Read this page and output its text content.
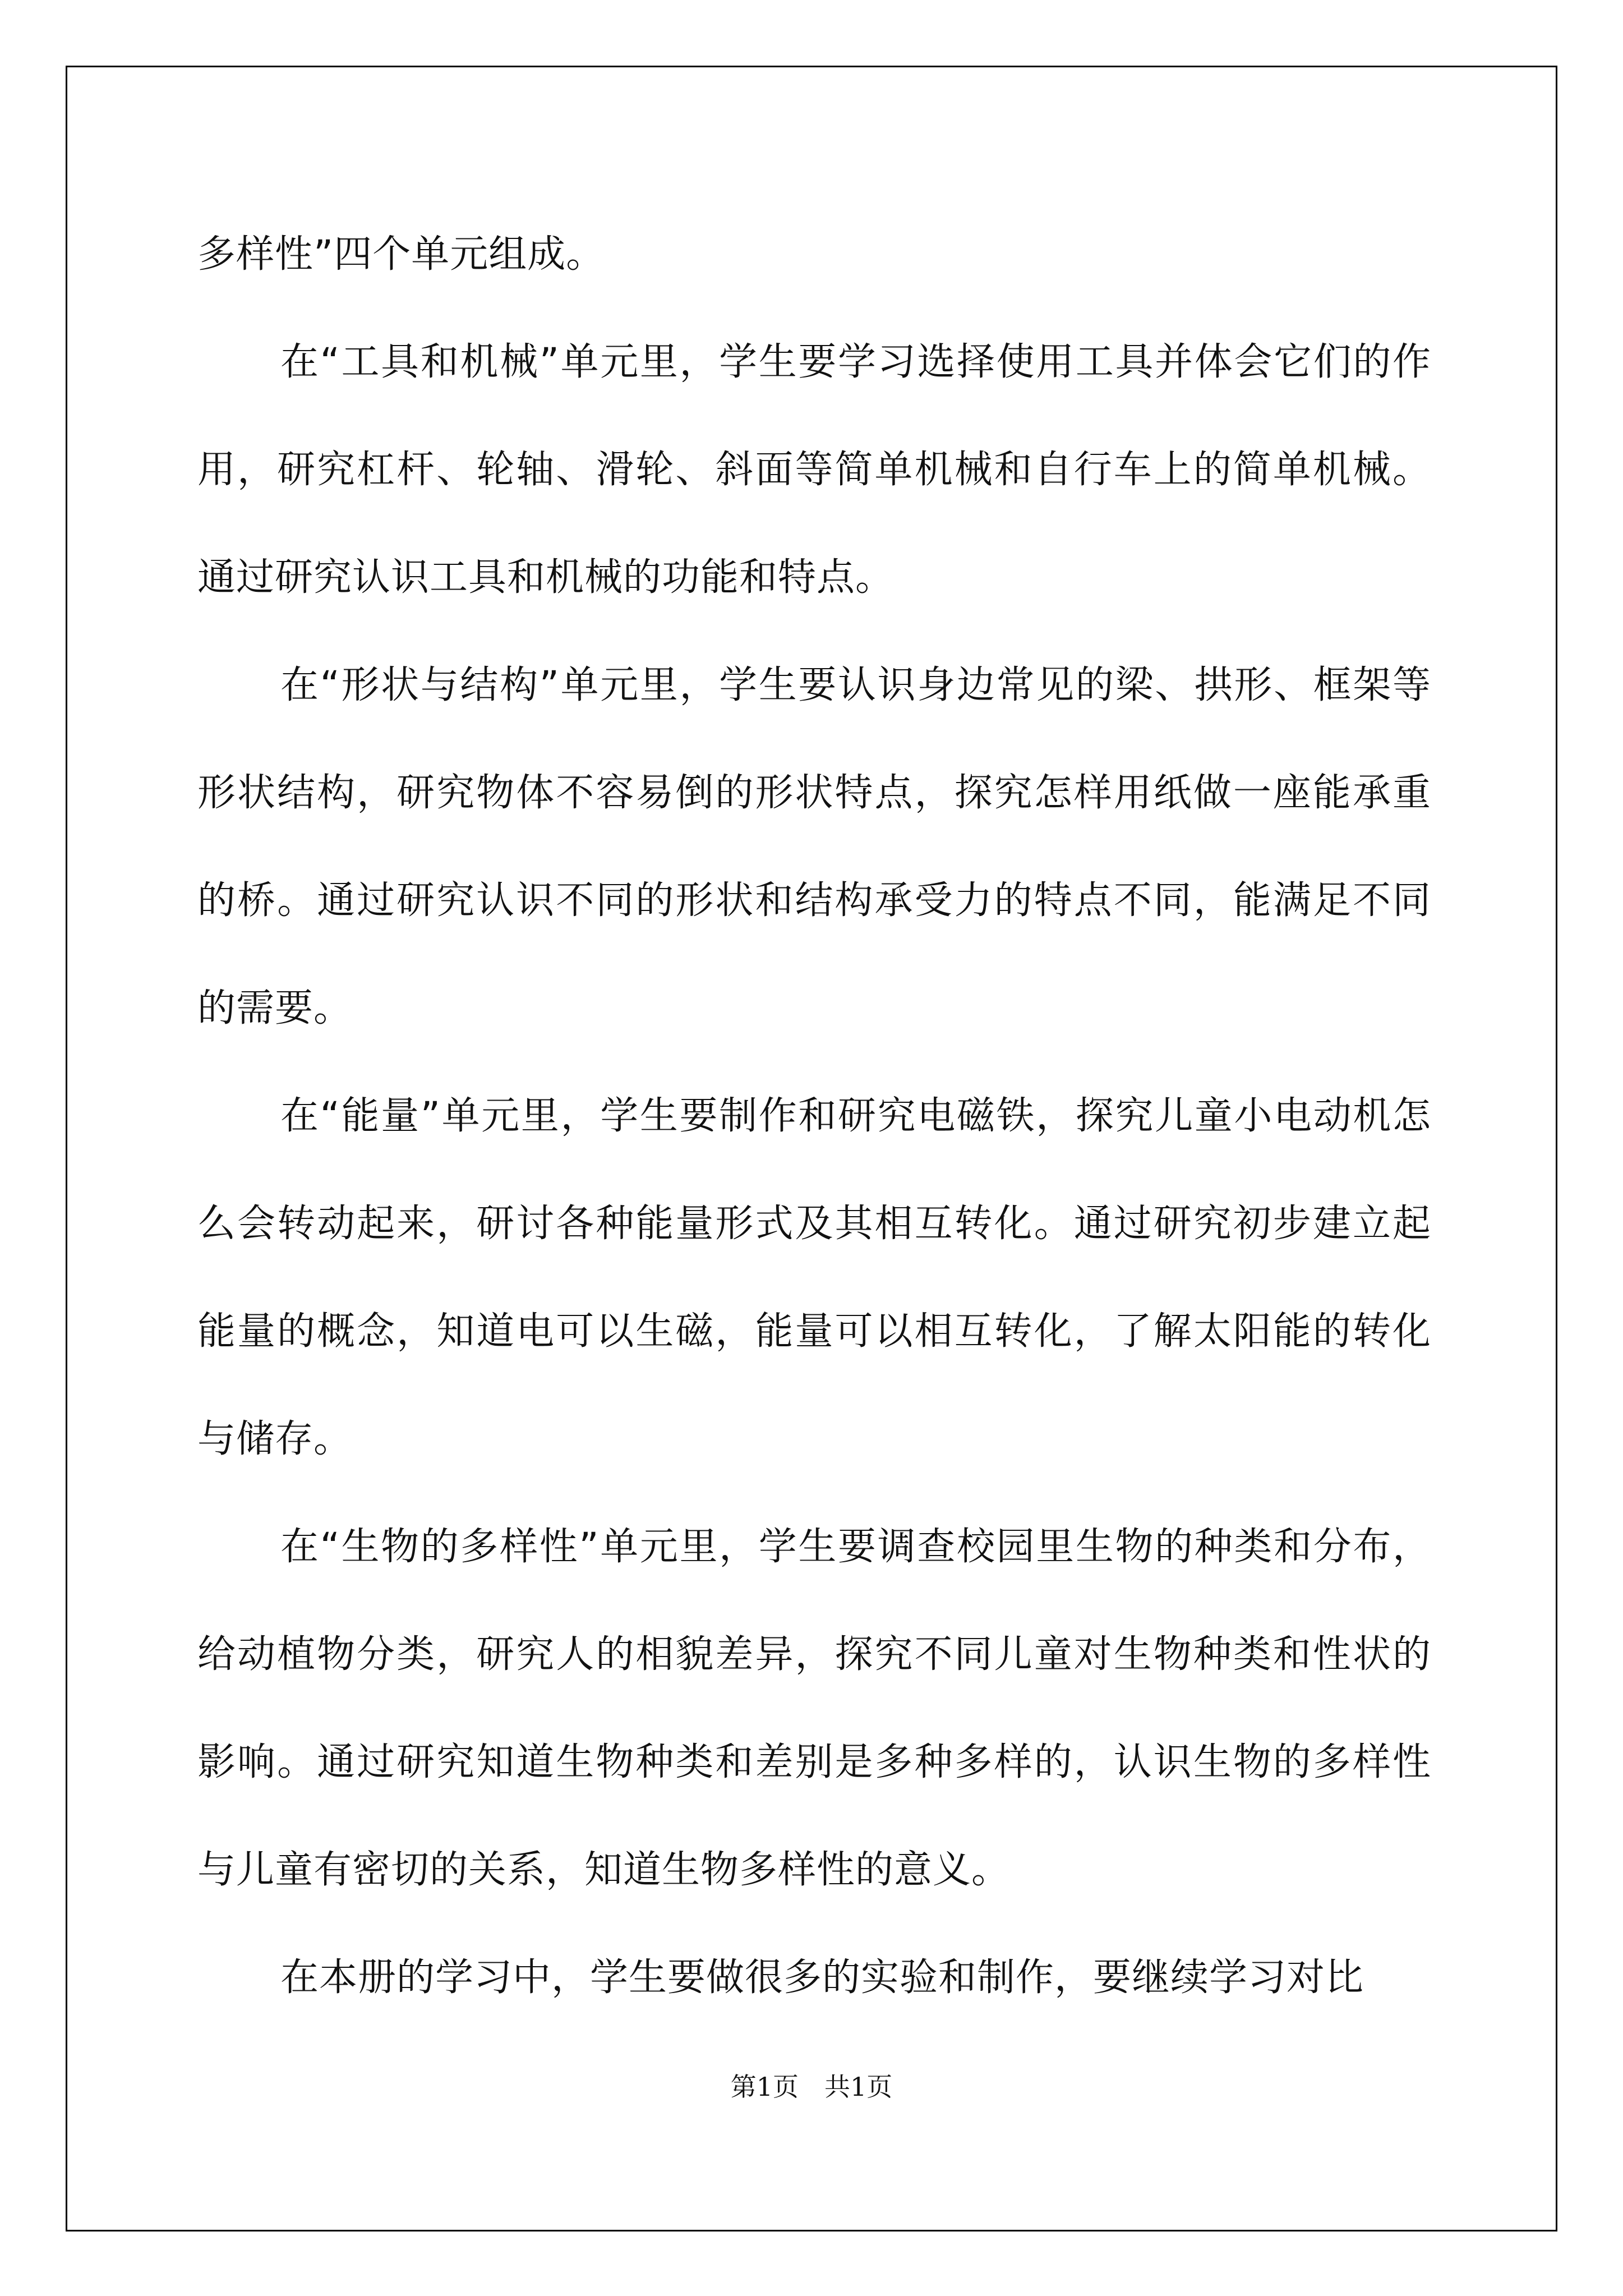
多样性”四个单元组成。

在“工具和机械”单元里，学生要学习选择使用工具并体会它们的作用，研究杠杆、轮轴、滑轮、斜面等简单机械和自行车上的简单机械。通过研究认识工具和机械的功能和特点。

在“形状与结构”单元里，学生要认识身边常见的梁、拱形、框架等形状结构，研究物体不容易倒的形状特点，探究怎样用纸做一座能承重的桥。通过研究认识不同的形状和结构承受力的特点不同，能满足不同的需要。

在“能量”单元里，学生要制作和研究电磁铁，探究儿童小电动机怎么会转动起来，研讨各种能量形式及其相互转化。通过研究初步建立起能量的概念，知道电可以生磁，能量可以相互转化，了解太阳能的转化与储存。

在“生物的多样性”单元里，学生要调查校园里生物的种类和分布，给动植物分类，研究人的相貌差异，探究不同儿童对生物种类和性状的影响。通过研究知道生物种类和差别是多种多样的，认识生物的多样性与儿童有密切的关系，知道生物多样性的意义。

在本册的学习中，学生要做很多的实验和制作，要继续学习对比

第1页　共1页
